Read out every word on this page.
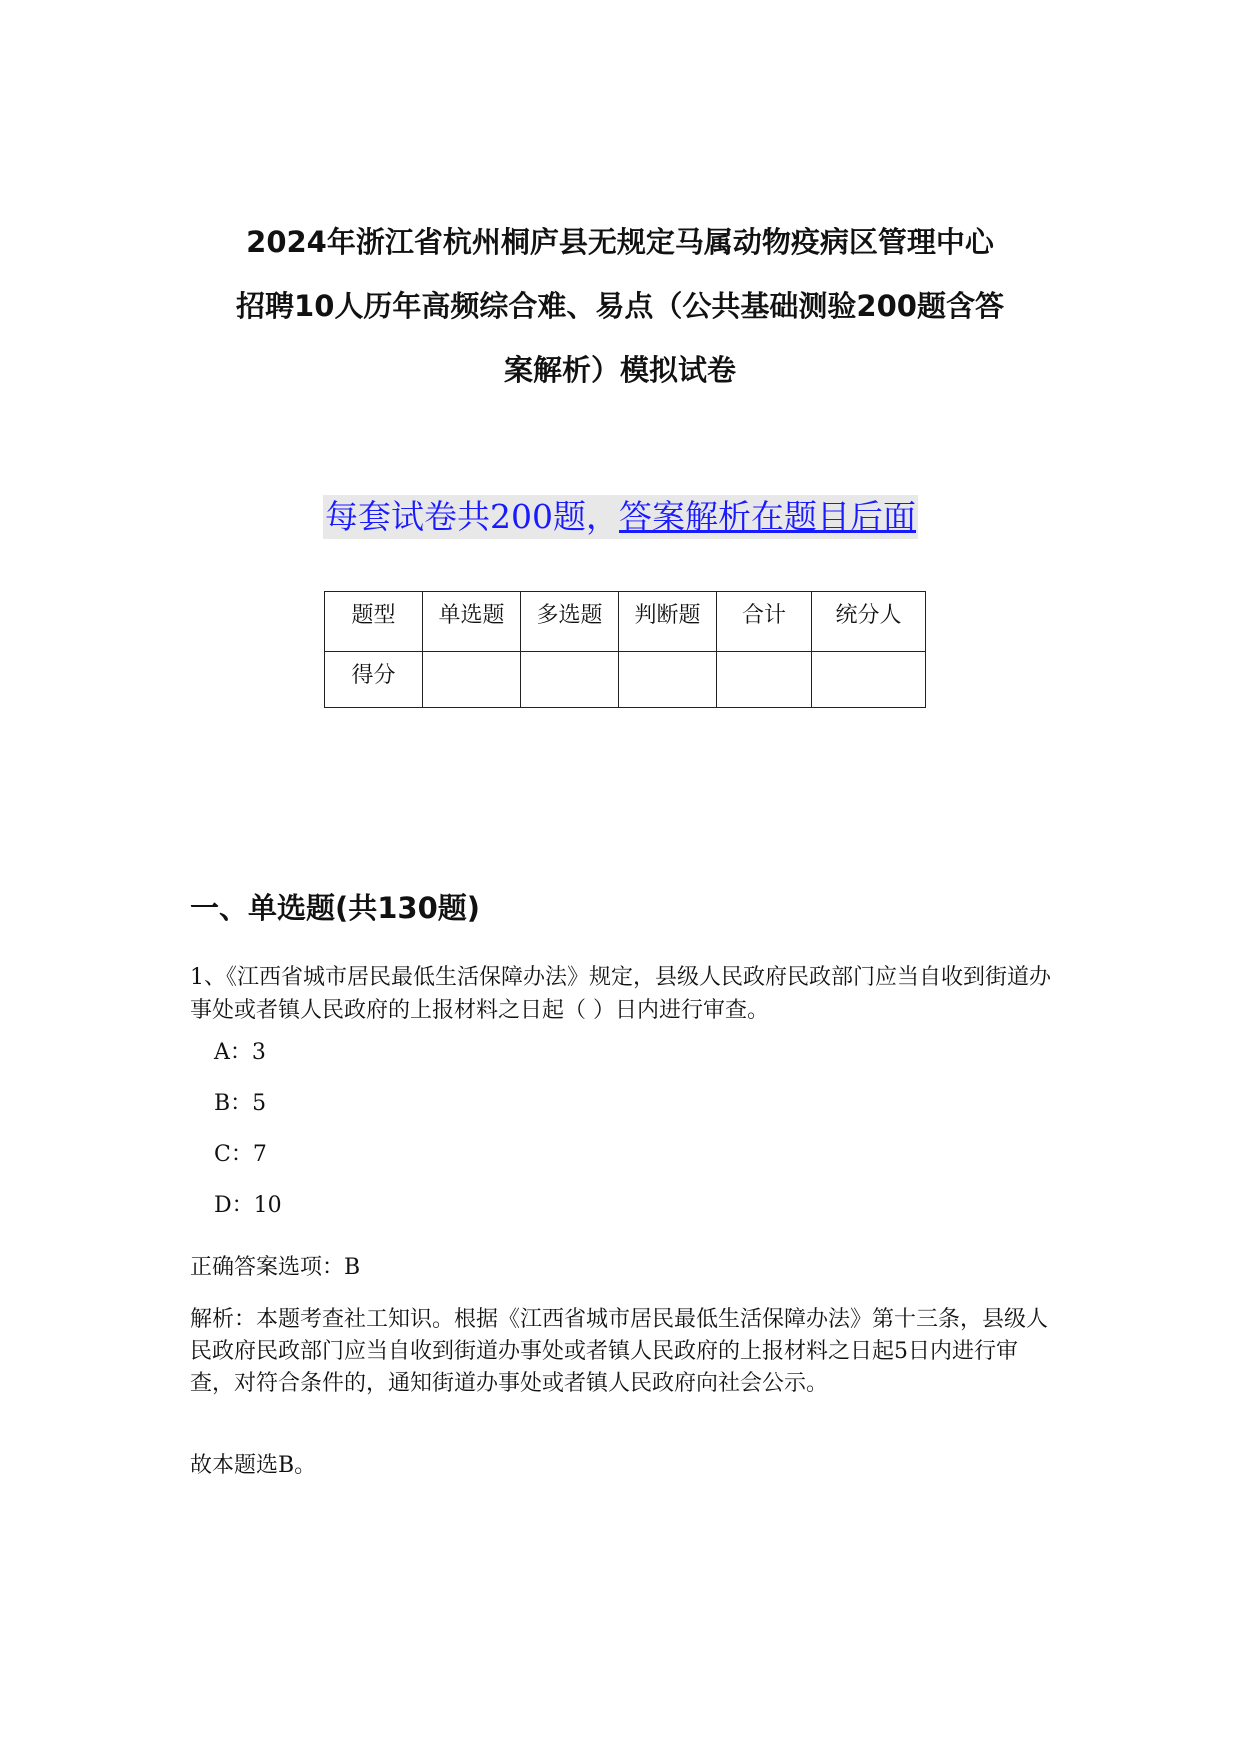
2024年浙江省杭州桐庐县无规定马属动物疫病区管理中心
招聘10人历年高频综合难、易点（公共基础测验200题含答
案解析）模拟试卷
每套试卷共200题，答案解析在题目后面
题型	单选题	多选题	判断题	合计	统分人
得分					
一、单选题(共130题)

1、《江西省城市居民最低生活保障办法》规定，县级人民政府民政部门应当自收到街道办事处或者镇人民政府的上报材料之日起（ ）日内进行审查。

A：3

B：5

C：7

D：10

正确答案选项：B

解析：本题考查社工知识。根据《江西省城市居民最低生活保障办法》第十三条，县级人民政府民政部门应当自收到街道办事处或者镇人民政府的上报材料之日起5日内进行审查，对符合条件的，通知街道办事处或者镇人民政府向社会公示。

故本题选B。
